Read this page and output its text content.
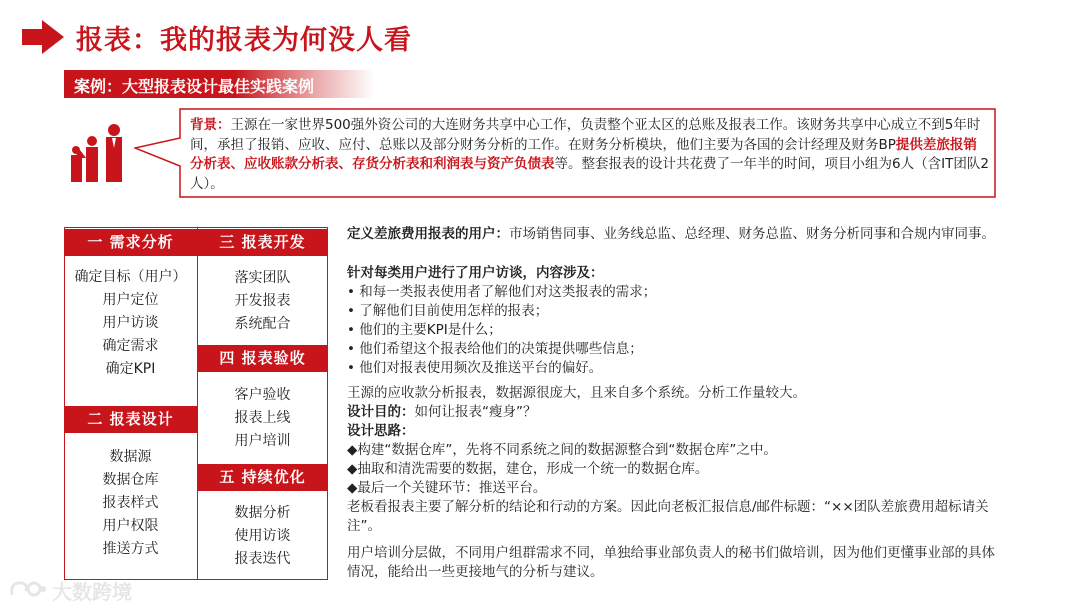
报表：我的报表为何没人看
案例：大型报表设计最佳实践案例
背景：王源在一家世界500强外资公司的大连财务共享中心工作，负责整个亚太区的总账及报表工作。该财务共享中心成立不到5年时间，承担了报销、应收、应付、总账以及部分财务分析的工作。在财务分析模块，他们主要为各国的会计经理及财务BP提供差旅报销分析表、应收账款分析表、存货分析表和利润表与资产负债表等。整套报表的设计共花费了一年半的时间，项目小组为6人（含IT团队2人）。
一 需求分析
确定目标（用户）
用户定位
用户访谈
确定需求
确定KPI
二 报表设计
数据源
数据仓库
报表样式
用户权限
推送方式
三 报表开发
落实团队
开发报表
系统配合
四 报表验收
客户验收
报表上线
用户培训
五 持续优化
数据分析
使用访谈
报表迭代
定义差旅费用报表的用户：市场销售同事、业务线总监、总经理、财务总监、财务分析同事和合规内审同事。
针对每类用户进行了用户访谈，内容涉及：
• 和每一类报表使用者了解他们对这类报表的需求；
• 了解他们目前使用怎样的报表；
• 他们的主要KPI是什么；
• 他们希望这个报表给他们的决策提供哪些信息；
• 他们对报表使用频次及推送平台的偏好。
王源的应收款分析报表，数据源很庞大，且来自多个系统。分析工作量较大。
设计目的：如何让报表“瘦身”？
设计思路：
◆构建“数据仓库”，先将不同系统之间的数据源整合到“数据仓库”之中。
◆抽取和清洗需要的数据，建仓，形成一个统一的数据仓库。
◆最后一个关键环节：推送平台。
老板看报表主要了解分析的结论和行动的方案。因此向老板汇报信息/邮件标题：“××团队差旅费用超标请关注”。
用户培训分层做，不同用户组群需求不同，单独给事业部负责人的秘书们做培训，因为他们更懂事业部的具体情况，能给出一些更接地气的分析与建议。
大数跨境
